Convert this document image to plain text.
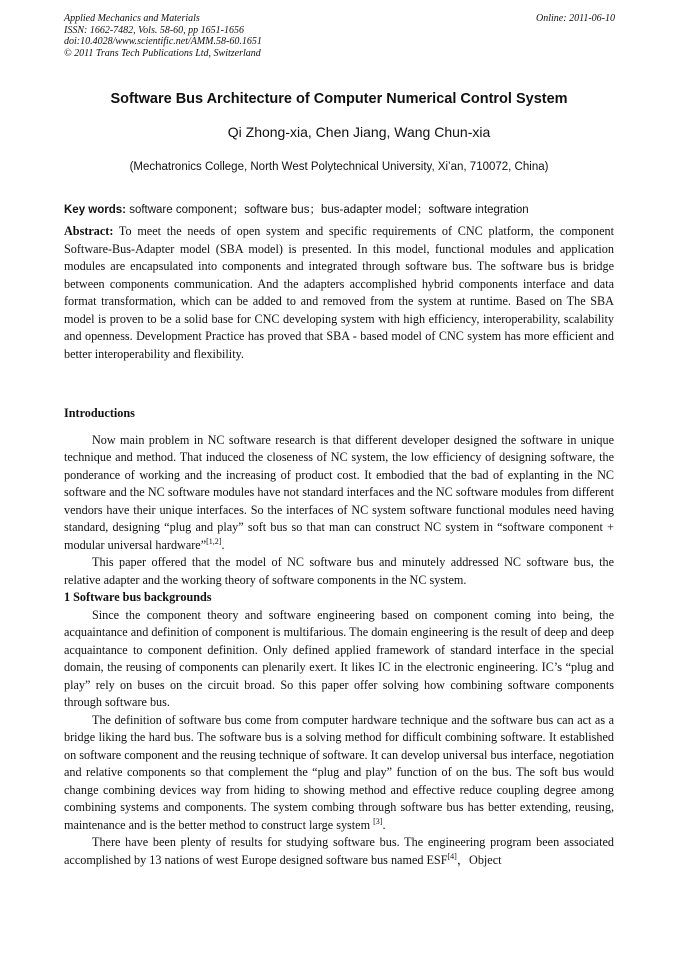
Applied Mechanics and Materials
ISSN: 1662-7482, Vols. 58-60, pp 1651-1656
doi:10.4028/www.scientific.net/AMM.58-60.1651
© 2011 Trans Tech Publications Ltd, Switzerland
Online: 2011-06-10
Software Bus Architecture of Computer Numerical Control System
Qi Zhong-xia, Chen Jiang, Wang Chun-xia
(Mechatronics College, North West Polytechnical University, Xi’an, 710072, China)
Key words: software component；software bus；bus-adapter model；software integration

Abstract: To meet the needs of open system and specific requirements of CNC platform, the component Software-Bus-Adapter model (SBA model) is presented. In this model, functional modules and application modules are encapsulated into components and integrated through software bus. The software bus is bridge between components communication. And the adapters accomplished hybrid components interface and data format transformation, which can be added to and removed from the system at runtime. Based on The SBA model is proven to be a solid base for CNC developing system with high efficiency, interoperability, scalability and openness. Development Practice has proved that SBA - based model of CNC system has more efficient and better interoperability and flexibility.

Introductions

Now main problem in NC software research is that different developer designed the software in unique technique and method. That induced the closeness of NC system, the low efficiency of designing software, the ponderance of working and the increasing of product cost. It embodied that the bad of explanting in the NC software and the NC software modules have not standard interfaces and the NC software modules from different vendors have their unique interfaces. So the interfaces of NC system software functional modules need having standard, designing “plug and play” soft bus so that man can construct NC system in “software component + modular universal hardware”[1,2].

This paper offered that the model of NC software bus and minutely addressed NC software bus, the relative adapter and the working theory of software components in the NC system.

1 Software bus backgrounds

Since the component theory and software engineering based on component coming into being, the acquaintance and definition of component is multifarious. The domain engineering is the result of deep and deep acquaintance to component definition. Only defined applied framework of standard interface in the special domain, the reusing of components can plenarily exert. It likes IC in the electronic engineering. IC’s “plug and play” rely on buses on the circuit broad. So this paper offer solving how combining software components through software bus.

The definition of software bus come from computer hardware technique and the software bus can act as a bridge liking the hard bus. The software bus is a solving method for difficult combining software. It established on software component and the reusing technique of software. It can develop universal bus interface, negotiation and relative components so that complement the “plug and play” function of on the bus. The soft bus would change combining devices way from hiding to showing method and effective reduce coupling degree among combining systems and components. The system combing through software bus has better extending, reusing, maintenance and is the better method to construct large system [3].

There have been plenty of results for studying software bus. The engineering program been associated accomplished by 13 nations of west Europe designed software bus named ESF[4]，Object
